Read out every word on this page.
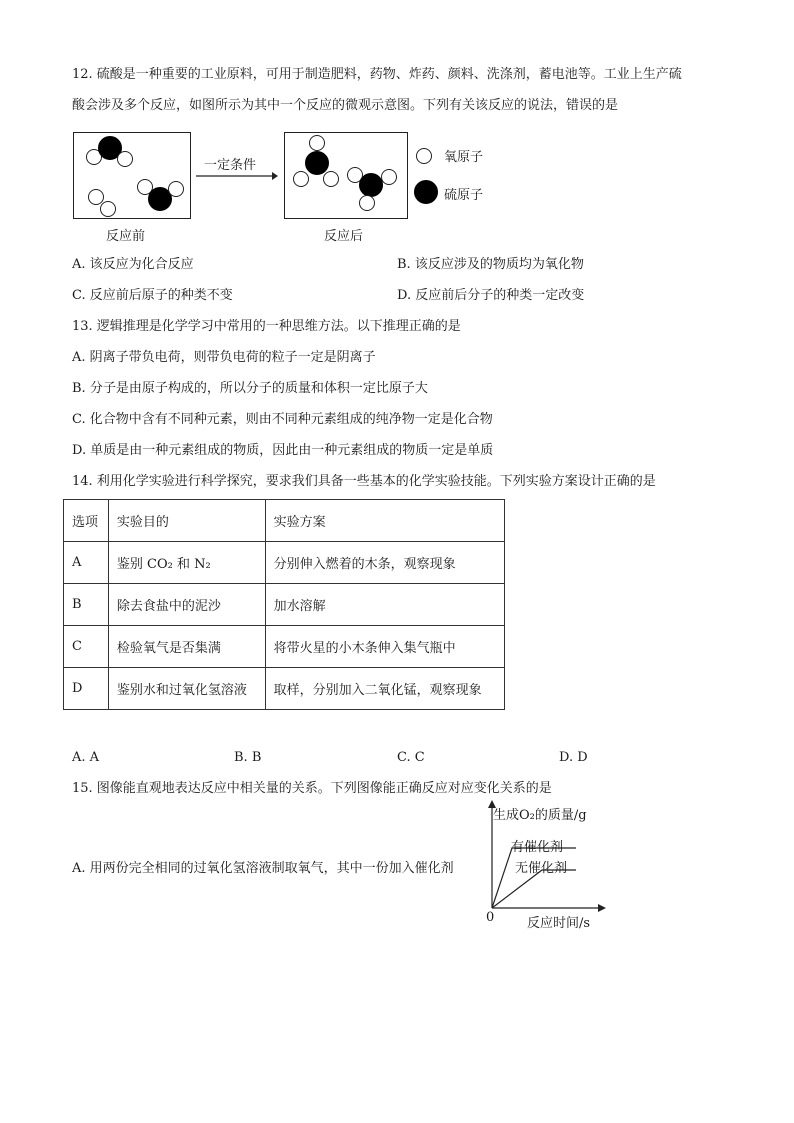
12. 硫酸是一种重要的工业原料，可用于制造肥料，药物、炸药、颜料、洗涤剂，蓄电池等。工业上生产硫
酸会涉及多个反应，如图所示为其中一个反应的微观示意图。下列有关该反应的说法，错误的是
反应前
一定条件
反应后
氧原子
硫原子
A. 该反应为化合反应	B. 该反应涉及的物质均为氧化物
C. 反应前后原子的种类不变	D. 反应前后分子的种类一定改变
13. 逻辑推理是化学学习中常用的一种思维方法。以下推理正确的是
A. 阴离子带负电荷，则带负电荷的粒子一定是阴离子
B. 分子是由原子构成的，所以分子的质量和体积一定比原子大
C. 化合物中含有不同种元素，则由不同种元素组成的纯净物一定是化合物
D. 单质是由一种元素组成的物质，因此由一种元素组成的物质一定是单质
14. 利用化学实验进行科学探究，要求我们具备一些基本的化学实验技能。下列实验方案设计正确的是
选项	实验目的	实验方案
A	鉴别 CO₂ 和 N₂	分别伸入燃着的木条，观察现象
B	除去食盐中的泥沙	加水溶解
C	检验氧气是否集满	将带火星的小木条伸入集气瓶中
D	鉴别水和过氧化氢溶液	取样，分别加入二氧化锰，观察现象
A. A	B. B	C. C	D. D
15. 图像能直观地表达反应中相关量的关系。下列图像能正确反应对应变化关系的是
A. 用两份完全相同的过氧化氢溶液制取氧气，其中一份加入催化剂
生成O₂的质量/g
有催化剂
无催化剂
0	反应时间/s
